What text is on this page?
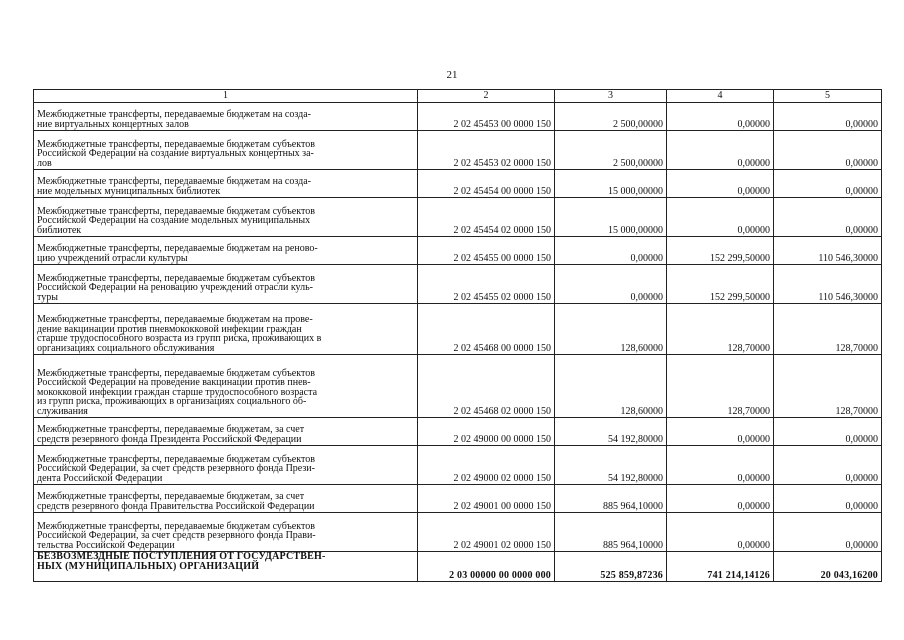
21
1	2	3	4	5
Межбюджетные трансферты, передаваемые бюджетам на созда-
ние виртуальных концертных залов	2 02 45453 00 0000 150	2 500,00000	0,00000	0,00000
Межбюджетные трансферты, передаваемые бюджетам субъектов
Российской Федерации на создание виртуальных концертных за-
лов	2 02 45453 02 0000 150	2 500,00000	0,00000	0,00000
Межбюджетные трансферты, передаваемые бюджетам на созда-
ние модельных муниципальных библиотек	2 02 45454 00 0000 150	15 000,00000	0,00000	0,00000
Межбюджетные трансферты, передаваемые бюджетам субъектов
Российской Федерации на создание модельных муниципальных
библиотек	2 02 45454 02 0000 150	15 000,00000	0,00000	0,00000
Межбюджетные трансферты, передаваемые бюджетам на реново-
цию учреждений отрасли культуры	2 02 45455 00 0000 150	0,00000	152 299,50000	110 546,30000
Межбюджетные трансферты, передаваемые бюджетам субъектов
Российской Федерации на реновацию учреждений отрасли куль-
туры	2 02 45455 02 0000 150	0,00000	152 299,50000	110 546,30000
Межбюджетные трансферты, передаваемые бюджетам на прове-
дение вакцинации против пневмококковой инфекции граждан
старше трудоспособного возраста из групп риска, проживающих в
организациях социального обслуживания	2 02 45468 00 0000 150	128,60000	128,70000	128,70000
Межбюджетные трансферты, передаваемые бюджетам субъектов
Российской Федерации на проведение вакцинации против пнев-
мококковой инфекции граждан старше трудоспособного возраста
из групп риска, проживающих в организациях социального об-
служивания	2 02 45468 02 0000 150	128,60000	128,70000	128,70000
Межбюджетные трансферты, передаваемые бюджетам, за счет
средств резервного фонда Президента Российской Федерации	2 02 49000 00 0000 150	54 192,80000	0,00000	0,00000
Межбюджетные трансферты, передаваемые бюджетам субъектов
Российской Федерации, за счет средств резервного фонда Прези-
дента Российской Федерации	2 02 49000 02 0000 150	54 192,80000	0,00000	0,00000
Межбюджетные трансферты, передаваемые бюджетам, за счет
средств резервного фонда Правительства Российской Федерации	2 02 49001 00 0000 150	885 964,10000	0,00000	0,00000
Межбюджетные трансферты, передаваемые бюджетам субъектов
Российской Федерации, за счет средств резервного фонда Прави-
тельства Российской Федерации	2 02 49001 02 0000 150	885 964,10000	0,00000	0,00000
БЕЗВОЗМЕЗДНЫЕ ПОСТУПЛЕНИЯ ОТ ГОСУДАРСТВЕН-
НЫХ (МУНИЦИПАЛЬНЫХ) ОРГАНИЗАЦИЙ	2 03 00000 00 0000 000	525 859,87236	741 214,14126	20 043,16200
